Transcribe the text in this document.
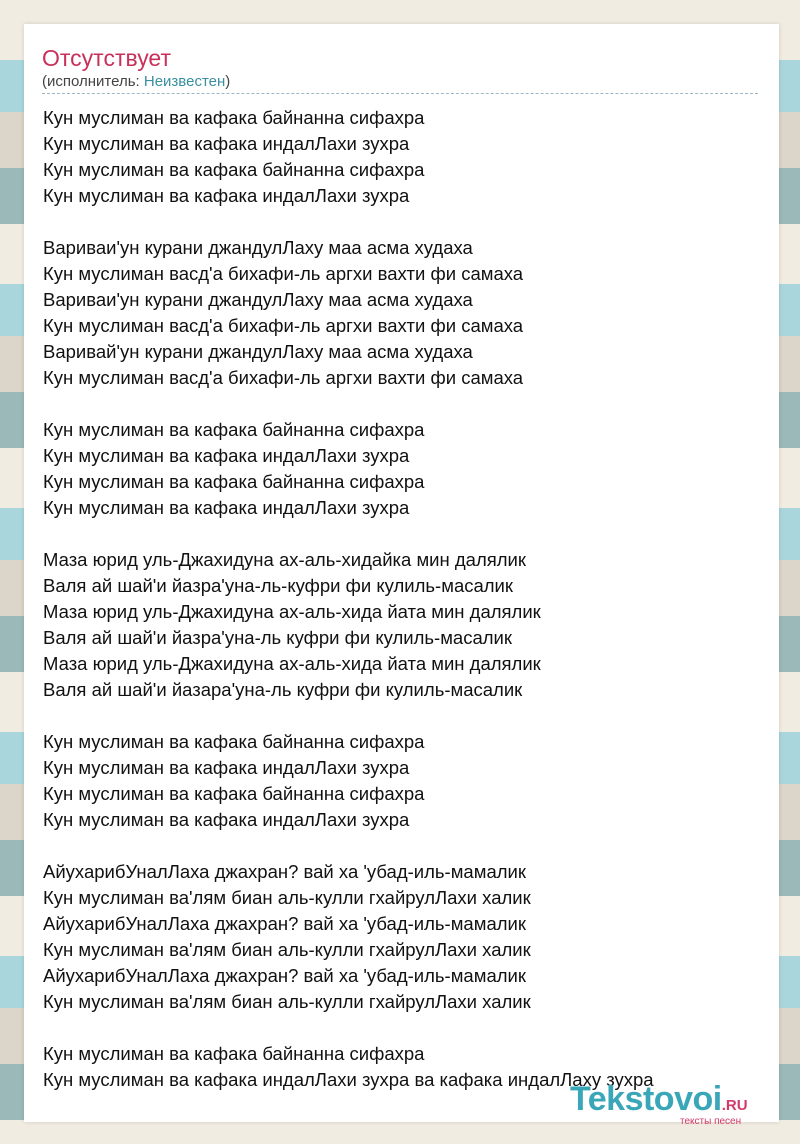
Отсутствует
(исполнитель: Неизвестен)
Кун муслиман ва кафака байнанна сифахра
Кун муслиман ва кафака индалЛахи зухра
Кун муслиман ва кафака байнанна сифахра
Кун муслиман ва кафака индалЛахи зухра
Вариваи'ун курани джандулЛаху маа асма худаха
Кун муслиман васд'а бихафи-ль аргхи вахти фи самаха
Вариваи'ун курани джандулЛаху маа асма худаха
Кун муслиман васд'а бихафи-ль аргхи вахти фи самаха
Варивай'ун курани джандулЛаху маа асма худаха
Кун муслиман васд'а бихафи-ль аргхи вахти фи самаха
Кун муслиман ва кафака байнанна сифахра
Кун муслиман ва кафака индалЛахи зухра
Кун муслиман ва кафака байнанна сифахра
Кун муслиман ва кафака индалЛахи зухра
Маза юрид уль-Джахидуна ах-аль-хидайка мин далялик
Валя ай шай'и йазра'уна-ль-куфри фи кулиль-масалик
Маза юрид уль-Джахидуна ах-аль-хида йата мин далялик
Валя ай шай'и йазра'уна-ль куфри фи кулиль-масалик
Маза юрид уль-Джахидуна ах-аль-хида йата мин далялик
Валя ай шай'и йазара'уна-ль куфри фи кулиль-масалик
Кун муслиман ва кафака байнанна сифахра
Кун муслиман ва кафака индалЛахи зухра
Кун муслиман ва кафака байнанна сифахра
Кун муслиман ва кафака индалЛахи зухра
АйухарибУналЛаха джахран? вай ха 'убад-иль-мамалик
Кун муслиман ва'лям биан аль-кулли гхайрулЛахи халик
АйухарибУналЛаха джахран? вай ха 'убад-иль-мамалик
Кун муслиман ва'лям биан аль-кулли гхайрулЛахи халик
АйухарибУналЛаха джахран? вай ха 'убад-иль-мамалик
Кун муслиман ва'лям биан аль-кулли гхайрулЛахи халик
Кун муслиман ва кафака байнанна сифахра
Кун муслиман ва кафака индалЛахи зухра ва кафака индалЛаху зухра
Tekstovoi.RU
тексты песен
